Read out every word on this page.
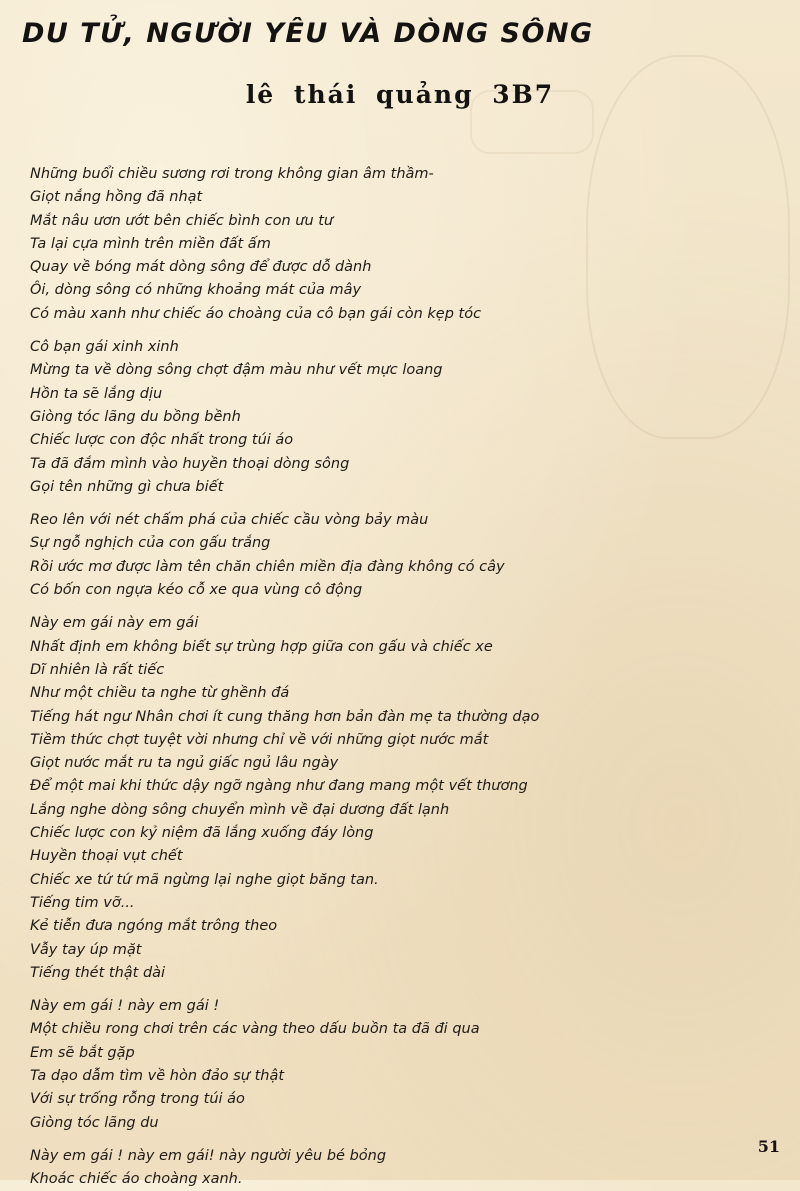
DU TỬ, NGƯỜI YÊU VÀ DÒNG SÔNG
lê thái quảng 3B7
Những buổi chiều sương rơi trong không gian âm thầm-
Giọt nắng hồng đã nhạt
Mắt nâu ươn ướt bên chiếc bình con ưu tư
Ta lại cựa mình trên miền đất ấm
Quay về bóng mát dòng sông để được dỗ dành
Ôi, dòng sông có những khoảng mát của mây
Có màu xanh như chiếc áo choàng của cô bạn gái còn kẹp tóc
Cô bạn gái xinh xinh
Mừng ta về dòng sông chợt đậm màu như vết mực loang
Hồn ta sẽ lắng dịu
Giòng tóc lãng du bồng bềnh
Chiếc lược con độc nhất trong túi áo
Ta đã đắm mình vào huyền thoại dòng sông
Gọi tên những gì chưa biết
Reo lên với nét chấm phá của chiếc cầu vòng bảy màu
Sự ngỗ nghịch của con gấu trắng
Rồi ước mơ được làm tên chăn chiên miền địa đàng không có cây
Có bốn con ngựa kéo cỗ xe qua vùng cô động
Này em gái này em gái
Nhất định em không biết sự trùng hợp giữa con gấu và chiếc xe
Dĩ nhiên là rất tiếc
Như một chiều ta nghe từ ghềnh đá
Tiếng hát ngư Nhân chơi ít cung thăng hơn bản đàn mẹ ta thường dạo
Tiềm thức chợt tuyệt vời nhưng chỉ về với những giọt nước mắt
Giọt nước mắt ru ta ngủ giấc ngủ lâu ngày
Để một mai khi thức dậy ngỡ ngàng như đang mang một vết thương
Lắng nghe dòng sông chuyển mình về đại dương đất lạnh
Chiếc lược con kỷ niệm đã lắng xuống đáy lòng
Huyền thoại vụt chết
Chiếc xe tứ tứ mã ngừng lại nghe giọt băng tan.
Tiếng tim vỡ...
Kẻ tiễn đưa ngóng mắt trông theo
Vẫy tay úp mặt
Tiếng thét thật dài
Này em gái ! này em gái !
Một chiều rong chơi trên các vàng theo dấu buồn ta đã đi qua
Em sẽ bắt gặp
Ta dạo dẫm tìm về hòn đảo sự thật
Với sự trống rỗng trong túi áo
Giòng tóc lãng du
Này em gái ! này em gái! này người yêu bé bỏng
Khoác chiếc áo choàng xanh.
51
